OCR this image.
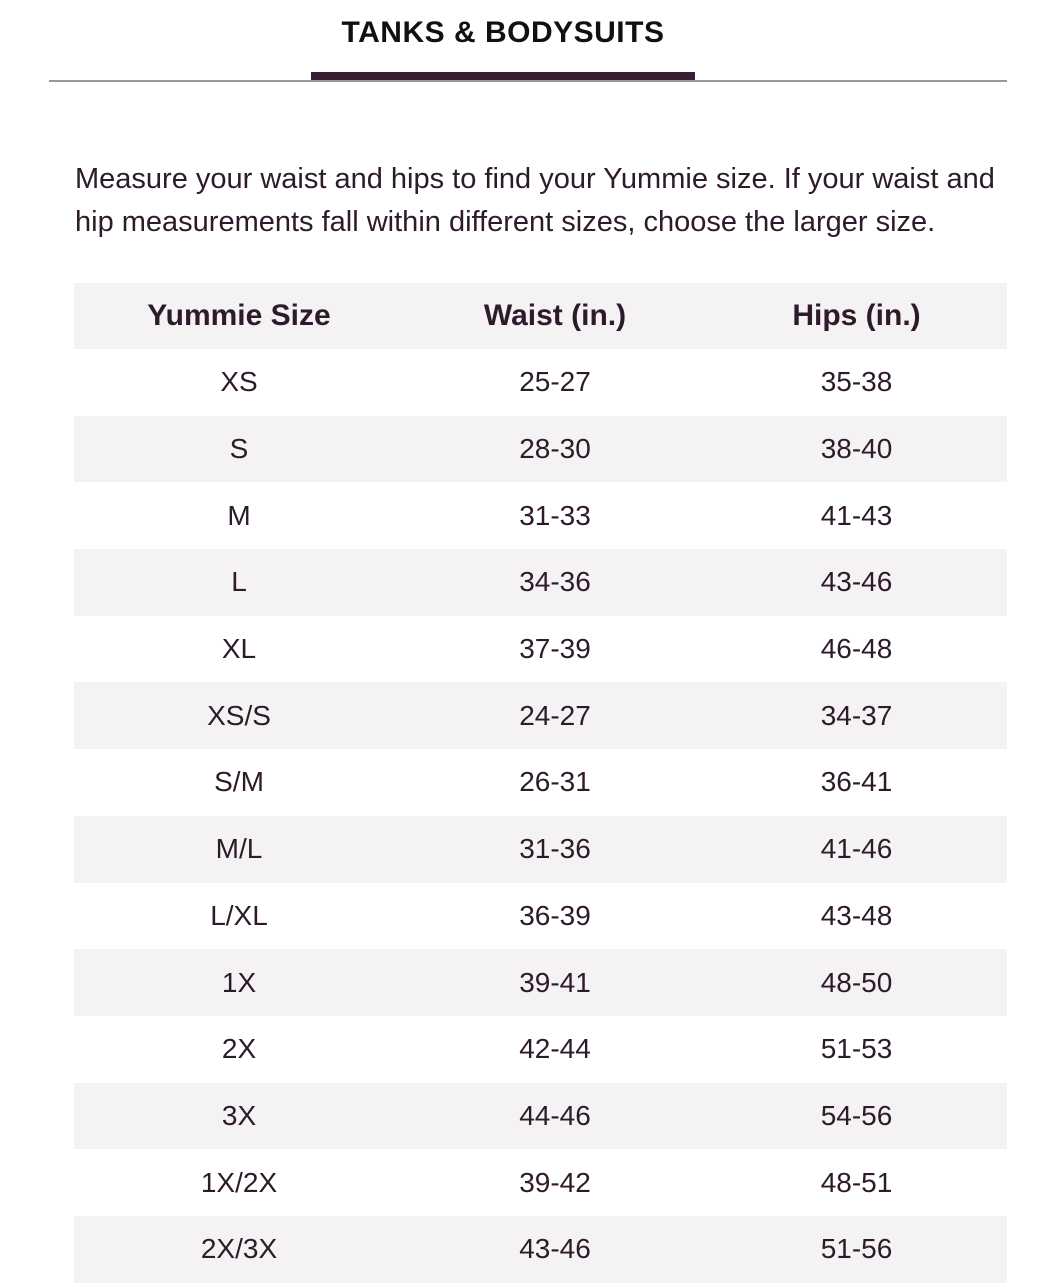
TANKS & BODYSUITS

Measure your waist and hips to find your Yummie size. If your waist and hip measurements fall within different sizes, choose the larger size.

Yummie Size	Waist (in.)	Hips (in.)
XS	25-27	35-38
S	28-30	38-40
M	31-33	41-43
L	34-36	43-46
XL	37-39	46-48
XS/S	24-27	34-37
S/M	26-31	36-41
M/L	31-36	41-46
L/XL	36-39	43-48
1X	39-41	48-50
2X	42-44	51-53
3X	44-46	54-56
1X/2X	39-42	48-51
2X/3X	43-46	51-56
